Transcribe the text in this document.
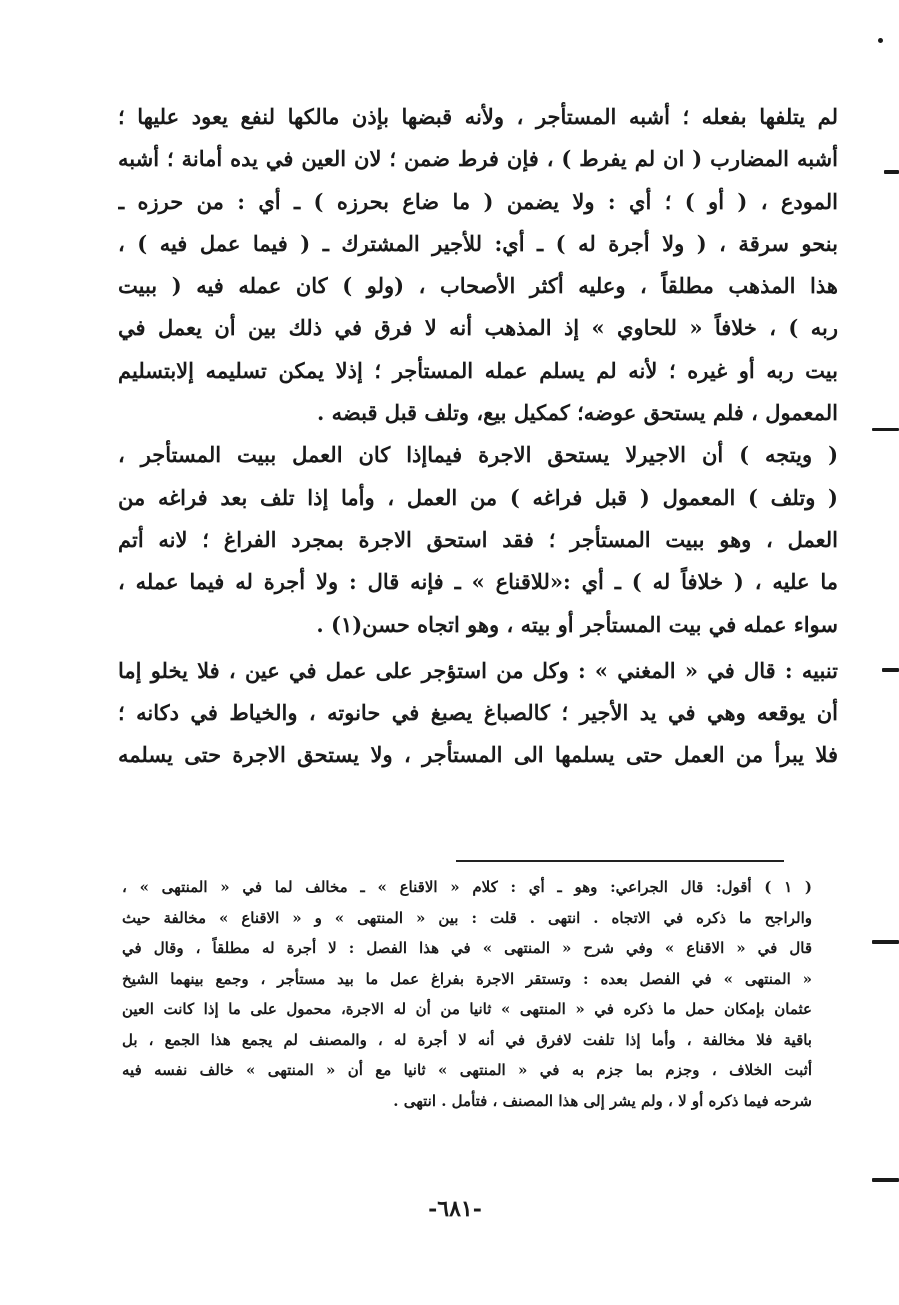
لم يتلفها بفعله ؛ أشبه المستأجر ، ولأنه قبضها بإذن مالكها لنفع يعود عليها ؛
أشبه المضارب ( ان لم يفرط ) ، فإن فرط ضمن ؛ لان العين في يده أمانة ؛ أشبه
المودع ، ( أو ) ؛ أي : ولا يضمن ( ما ضاع بحرزه ) ـ أي : من حرزه ـ
بنحو سرقة ، ( ولا أجرة له ) ـ أي: للأجير المشترك ـ ( فيما عمل فيه ) ،
هذا المذهب مطلقاً ، وعليه أكثر الأصحاب ، (ولو ) كان عمله فيه ( ببيت
ربه ) ، خلافاً « للحاوي » إذ المذهب أنه لا فرق في ذلك بين أن يعمل في
بيت ربه أو غيره ؛ لأنه لم يسلم عمله المستأجر ؛ إذلا يمكن تسليمه إلابتسليم
المعمول ، فلم يستحق عوضه؛ كمكيل بيع، وتلف قبل قبضه .
( ويتجه ) أن الاجيرلا يستحق الاجرة فيماإذا كان العمل ببيت المستأجر ،
( وتلف ) المعمول ( قبل فراغه ) من العمل ، وأما إذا تلف بعد فراغه من
العمل ، وهو ببيت المستأجر ؛ فقد استحق الاجرة بمجرد الفراغ ؛ لانه أتم
ما عليه ، ( خلافاً له ) ـ أي :«للاقناع » ـ فإنه قال : ولا أجرة له فيما عمله ،
سواء عمله في بيت المستأجر أو بيته ، وهو اتجاه حسن(١) .
تنبيه : قال في « المغني » : وكل من استؤجر على عمل في عين ، فلا يخلو إما
أن يوقعه وهي في يد الأجير ؛ كالصباغ يصبغ في حانوته ، والخياط في دكانه ؛
فلا يبرأ من العمل حتى يسلمها الى المستأجر ، ولا يستحق الاجرة حتى يسلمه
( ١ ) أقول: قال الجراعي: وهو ـ أي : كلام « الاقناع » ـ مخالف لما في « المنتهى » ،
والراجح ما ذكره في الاتجاه . انتهى . قلت : بين « المنتهى » و « الاقناع » مخالفة حيث
قال في « الاقناع » وفي شرح « المنتهى » في هذا الفصل : لا أجرة له مطلقاً ، وقال في
« المنتهى » في الفصل بعده : وتستقر الاجرة بفراغ عمل ما بيد مستأجر ، وجمع بينهما الشيخ
عثمان بإمكان حمل ما ذكره في « المنتهى » ثانيا من أن له الاجرة، محمول على ما إذا كانت العين
باقية فلا مخالفة ، وأما إذا تلفت لافرق في أنه لا أجرة له ، والمصنف لم يجمع هذا الجمع ، بل
أثبت الخلاف ، وجزم بما جزم به في « المنتهى » ثانيا مع أن « المنتهى » خالف نفسه فيه
شرحه فيما ذكره أو لا ، ولم يشر إلى هذا المصنف ، فتأمل . انتهى .
-٦٨١-
